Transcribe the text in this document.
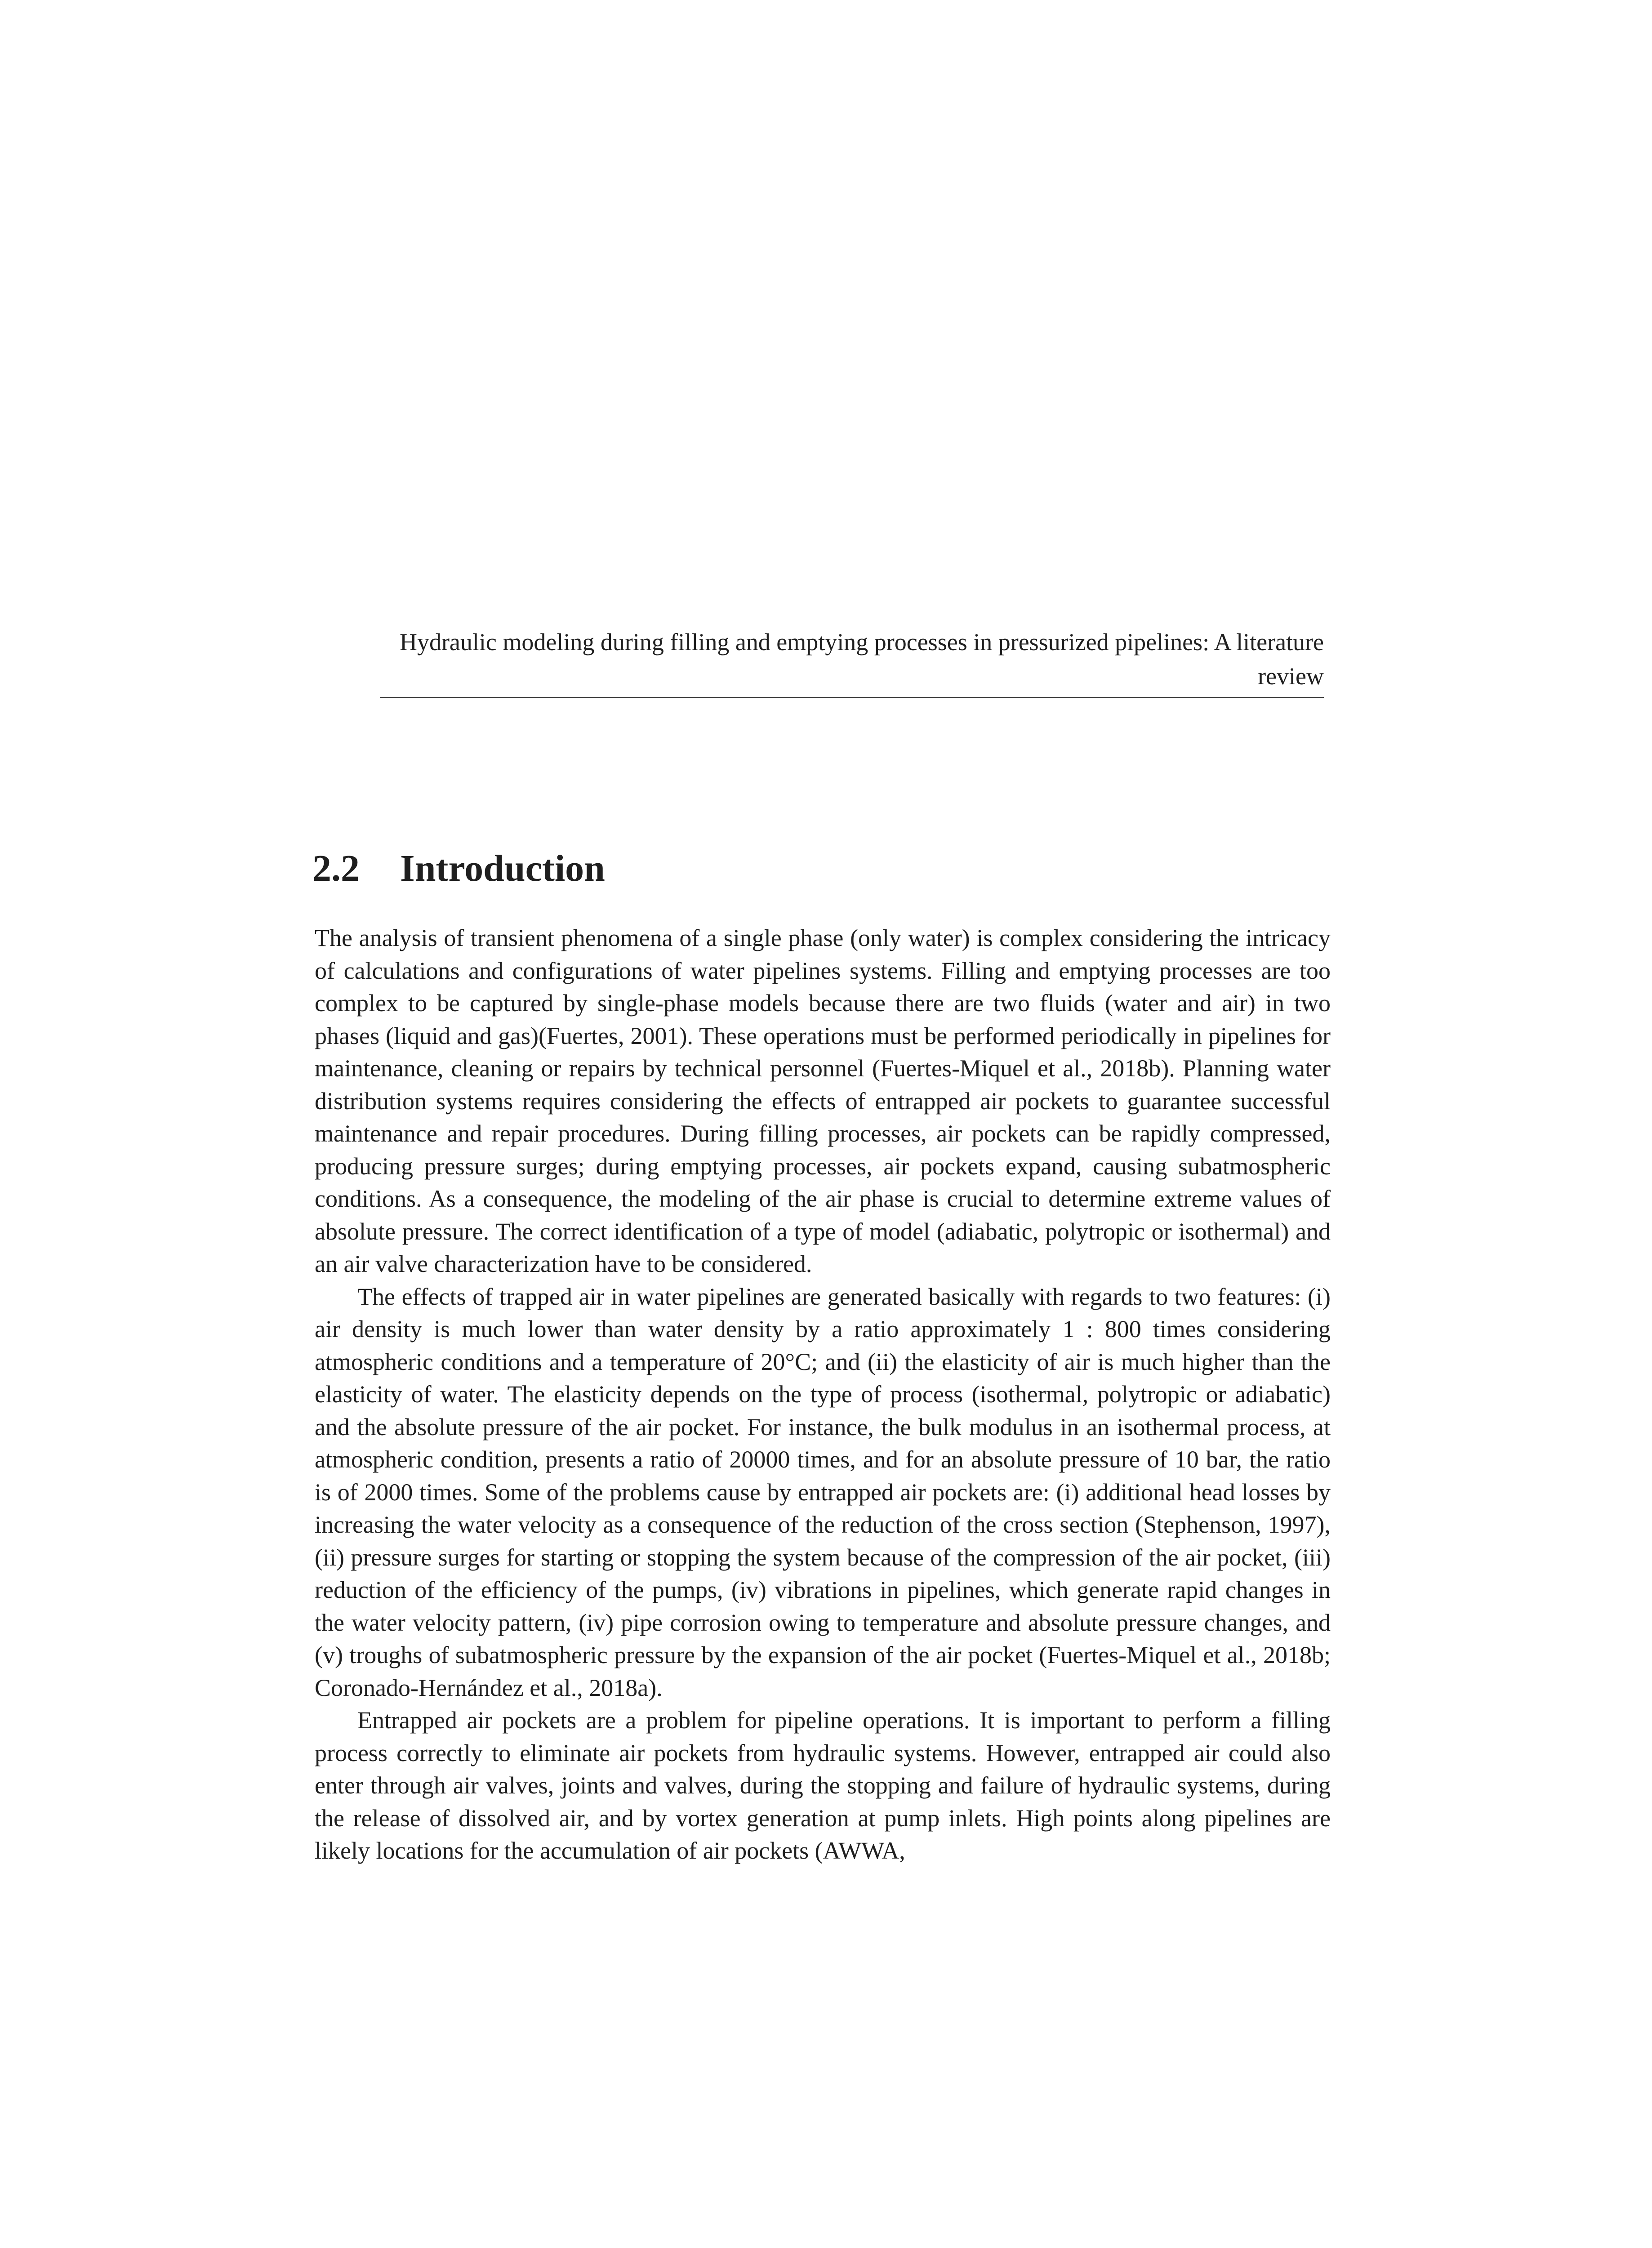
Hydraulic modeling during filling and emptying processes in pressurized pipelines: A literature review
2.2 Introduction

The analysis of transient phenomena of a single phase (only water) is complex considering the intricacy of calculations and configurations of water pipelines systems. Filling and emptying processes are too complex to be captured by single-phase models because there are two fluids (water and air) in two phases (liquid and gas)(Fuertes, 2001). These operations must be performed periodically in pipelines for maintenance, cleaning or repairs by technical personnel (Fuertes-Miquel et al., 2018b). Planning water distribution systems requires considering the effects of entrapped air pockets to guarantee successful maintenance and repair procedures. During filling processes, air pockets can be rapidly compressed, producing pressure surges; during emptying processes, air pockets expand, causing subatmospheric conditions. As a consequence, the modeling of the air phase is crucial to determine extreme values of absolute pressure. The correct identification of a type of model (adiabatic, polytropic or isothermal) and an air valve characterization have to be considered.

The effects of trapped air in water pipelines are generated basically with regards to two features: (i) air density is much lower than water density by a ratio approximately 1 : 800 times considering atmospheric conditions and a temperature of 20°C; and (ii) the elasticity of air is much higher than the elasticity of water. The elasticity depends on the type of process (isothermal, polytropic or adiabatic) and the absolute pressure of the air pocket. For instance, the bulk modulus in an isothermal process, at atmospheric condition, presents a ratio of 20000 times, and for an absolute pressure of 10 bar, the ratio is of 2000 times. Some of the problems cause by entrapped air pockets are: (i) additional head losses by increasing the water velocity as a consequence of the reduction of the cross section (Stephenson, 1997),(ii) pressure surges for starting or stopping the system because of the compression of the air pocket, (iii) reduction of the efficiency of the pumps, (iv) vibrations in pipelines, which generate rapid changes in the water velocity pattern, (iv) pipe corrosion owing to temperature and absolute pressure changes, and (v) troughs of subatmospheric pressure by the expansion of the air pocket (Fuertes-Miquel et al., 2018b; Coronado-Hernández et al., 2018a).

Entrapped air pockets are a problem for pipeline operations. It is important to perform a filling process correctly to eliminate air pockets from hydraulic systems. However, entrapped air could also enter through air valves, joints and valves, during the stopping and failure of hydraulic systems, during the release of dissolved air, and by vortex generation at pump inlets. High points along pipelines are likely locations for the accumulation of air pockets (AWWA,
